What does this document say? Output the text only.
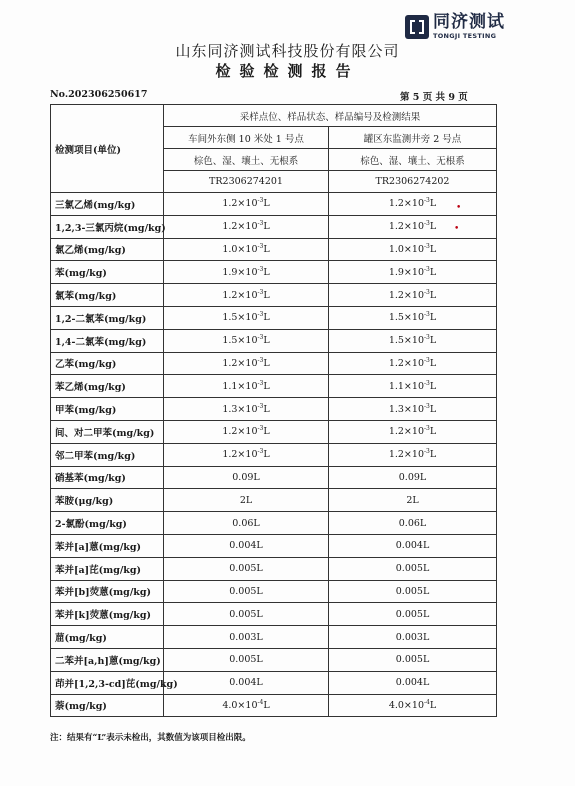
同济测试
TONGJI TESTING
山东同济测试科技股份有限公司
检验检测报告
No.202306250617	第 5 页 共 9 页
检测项目(单位)	采样点位、样品状态、样品编号及检测结果	
	车间外东侧 10 米处 1 号点	罐区东监测井旁 2 号点
	棕色、湿、壤土、无根系	棕色、湿、壤土、无根系
	TR2306274201	TR2306274202
三氯乙烯(mg/kg)	$1.2\times 10^{-3}L$	$1.2\times 10^{-3}L$
1,2,3-三氯丙烷(mg/kg)	$1.2\times 10^{-3}L$	$1.2\times 10^{-3}L$
氯乙烯(mg/kg)	$1.0\times 10^{-3}L$	$1.0\times 10^{-3}L$
苯(mg/kg)	$1.9\times 10^{-3}L$	$1.9\times 10^{-3}L$
氯苯(mg/kg)	$1.2\times 10^{-3}L$	$1.2\times 10^{-3}L$
1,2-二氯苯(mg/kg)	$1.5\times 10^{-3}L$	$1.5\times 10^{-3}L$
1,4-二氯苯(mg/kg)	$1.5\times 10^{-3}L$	$1.5\times 10^{-3}L$
乙苯(mg/kg)	$1.2\times 10^{-3}L$	$1.2\times 10^{-3}L$
苯乙烯(mg/kg)	$1.1\times 10^{-3}L$	$1.1\times 10^{-3}L$
甲苯(mg/kg)	$1.3\times 10^{-3}L$	$1.3\times 10^{-3}L$
间、对二甲苯(mg/kg)	$1.2\times 10^{-3}L$	$1.2\times 10^{-3}L$
邻二甲苯(mg/kg)	$1.2\times 10^{-3}L$	$1.2\times 10^{-3}L$
硝基苯(mg/kg)	0.09L	0.09L
苯胺(μg/kg)	2L	2L
2-氯酚(mg/kg)	0.06L	0.06L
苯并[a]蒽(mg/kg)	0.004L	0.004L
苯并[a]芘(mg/kg)	0.005L	0.005L
苯并[b]荧蒽(mg/kg)	0.005L	0.005L
苯并[k]荧蒽(mg/kg)	0.005L	0.005L
䓛(mg/kg)	0.003L	0.003L
二苯并[a,h]蒽(mg/kg)	0.005L	0.005L
茚并[1,2,3-cd]芘(mg/kg)	0.004L	0.004L
萘(mg/kg)	$4.0\times 10^{-4}L$	$4.0\times 10^{-4}L$
注：结果有“L”表示未检出，其数值为该项目检出限。
•
•
